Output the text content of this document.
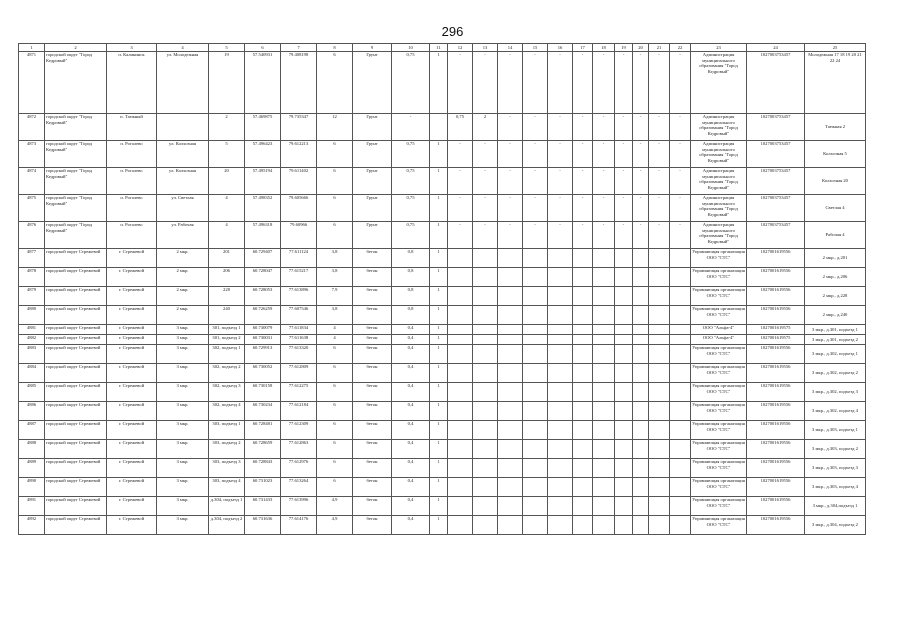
296
1	2	3	4	5	6	7	8	9	10	11	12	13	14	15	16	17	18	19	20	21	22	23	24	25
4871	городской округ "Город Кедровый"	п. Калининск	ул. Молодежная	19	57.540931	79.408198	6	Грунт	0,75	1	-	-	-	-	-	-	-	-	-	-	-	Администрация муниципального образования "Город Кедровый"	1027003753457	Молодежная 17 18 19 20 21 22 24
4872	городской округ "Город Кедровый"	п. Таежный		2	57.469875	79.735347	12	Грунт	-		0,75	2	-	-	-	-	-	-	-	-	-	Администрация муниципального образования "Город Кедровый"	1027003753457	Таежная 2
4873	городской округ "Город Кедровый"	п. Рогалево	ул. Колхозная	5	57.496423	79.612213	6	Грунт	0,75	1	-	-	-	-	-	-	-	-	-	-	-	Администрация муниципального образования "Город Кедровый"	1027003753457	Колхозная 5
4874	городской округ "Город Кедровый"	п. Рогалево	ул. Колхозная	20	57.495194	79.611402	6	Грунт	0,75	1	-	-	-	-	-	-	-	-	-	-	-	Администрация муниципального образования "Город Кедровый"	1027003753457	Колхозная 20
4875	городской округ "Город Кедровый"	п. Рогалево	ул. Светлая	4	57.498352	79.605666	6	Грунт	0,75	1	-	-	-	-	-	-	-	-	-	-	-	Администрация муниципального образования "Город Кедровый"	1027003753457	Светлая 4
4876	городской округ "Город Кедровый"	п. Рогалево	ул. Рабочая	4	57.496318	79.60966	6	Грунт	0,75	1	-	-	-	-	-	-	-	-	-	-	-	Администрация муниципального образования "Город Кедровый"	1027003753457	Рабочая 4
4877	городской округ Стрежевой	г. Стрежевой	2 мкр.	201	60.729407	77.611124	3,8	бетон	0,8	1												Управляющая организация ООО "СТС"	1027001619556	2 мкр., д.201
4878	городской округ Стрежевой	г. Стрежевой	2 мкр.	206	60.728047	77.615217	3,8	бетон	0,8	1												Управляющая организация ООО "СТС"	1027001619556	2 мкр., д.206
4879	городской округ Стрежевой	г. Стрежевой	2 мкр.	228	60.728053	77.613896	7,9	бетон	0,8	1												Управляющая организация ООО "СТС"	1027001619556	2 мкр., д.228
4880	городской округ Стрежевой	г. Стрежевой	2 мкр.	240	60.726259	77.607546	3,8	бетон	0,8	1												Управляющая организация ООО "СТС"	1027001619556	2 мкр., д.240
4881	городской округ Стрежевой	г. Стрежевой	3 мкр.	301, подъезд 1	60.730079	77.611834	4	бетон	0,4	1												ООО "Альфа-4"	1027001619575	3 мкр., д.301, подъезд 1
4882	городской округ Стрежевой	г. Стрежевой	3 мкр.	301, подъезд 2	60.730031	77.611638	4	бетон	0,4	1												ООО "Альфа-4"	1027001619575	3 мкр., д.301, подъезд 2
4883	городской округ Стрежевой	г. Стрежевой	3 мкр.	302, подъезд 1	60.729913	77.613320	6	бетон	0,4	1												Управляющая организация ООО "СТС"	1027001619556	3 мкр., д.302, подъезд 1
4884	городской округ Стрежевой	г. Стрежевой	3 мкр.	302, подъезд 2	60.730052	77.612809	6	бетон	0,4	1												Управляющая организация ООО "СТС"	1027001619556	3 мкр., д.302, подъезд 2
4885	городской округ Стрежевой	г. Стрежевой	3 мкр.	302, подъезд 3	60.730158	77.612275	6	бетон	0,4	1												Управляющая организация ООО "СТС"	1027001619556	3 мкр., д.302, подъезд 3
4886	городской округ Стрежевой	г. Стрежевой	3 мкр.	302, подъезд 4	60.730234	77.612184	6	бетон	0,4	1												Управляющая организация ООО "СТС"	1027001619556	3 мкр., д.302, подъезд 4
4887	городской округ Стрежевой	г. Стрежевой	3 мкр.	303, подъезд 1	60.728481	77.612309	6	бетон	0,4	1												Управляющая организация ООО "СТС"	1027001619556	3 мкр., д.303, подъезд 1
4888	городской округ Стрежевой	г. Стрежевой	3 мкр.	303, подъезд 2	60.728659	77.612863	6	бетон	0,4	1												Управляющая организация ООО "СТС"	1027001619556	3 мкр., д.303, подъезд 2
4889	городской округ Стрежевой	г. Стрежевой	3 мкр.	303, подъезд 3	60.728843	77.612976	6	бетон	0,4	1												Управляющая организация ООО "СТС"	1027001619556	3 мкр., д.303, подъезд 3
4890	городской округ Стрежевой	г. Стрежевой	3 мкр.	303, подъезд 4	60.731023	77.613264	6	бетон	0,4	1												Управляющая организация ООО "СТС"	1027001619556	3 мкр., д.303, подъезд 4
4891	городской округ Стрежевой	г. Стрежевой	3 мкр.	д.304, подъезд 1	60.731433	77.613996	4,9	бетон	0,4	1												Управляющая организация ООО "СТС"	1027001619556	3 мкр., д.304,подъезд 1
4892	городской округ Стрежевой	г. Стрежевой	3 мкр.	д.304, подъезд 2	60.731636	77.614176	4,9	бетон	0,4	1												Управляющая организация ООО "СТС"	1027001619556	3 мкр., д.304, подъезд 2
